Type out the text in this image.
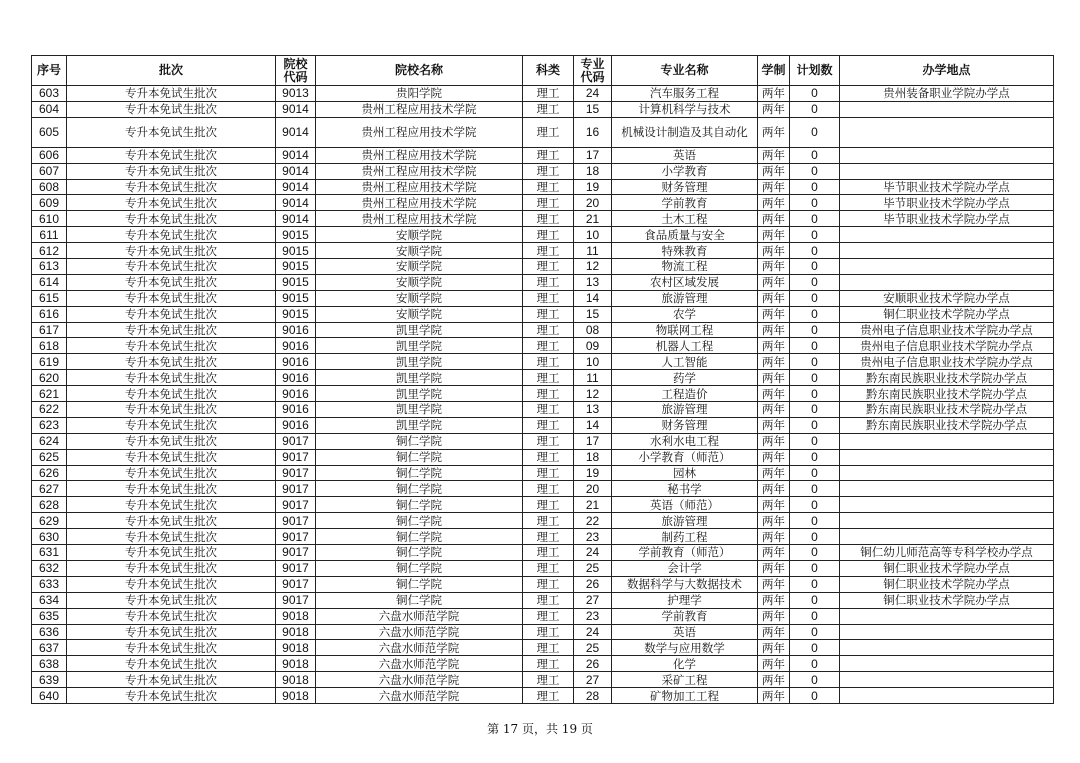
序号	批次	院校代码	院校名称	科类	专业代码	专业名称	学制	计划数	办学地点
603	专升本免试生批次	9013	贵阳学院	理工	24	汽车服务工程	两年	0	贵州装备职业学院办学点
604	专升本免试生批次	9014	贵州工程应用技术学院	理工	15	计算机科学与技术	两年	0	
605	专升本免试生批次	9014	贵州工程应用技术学院	理工	16	机械设计制造及其自动化	两年	0	
606	专升本免试生批次	9014	贵州工程应用技术学院	理工	17	英语	两年	0	
607	专升本免试生批次	9014	贵州工程应用技术学院	理工	18	小学教育	两年	0	
608	专升本免试生批次	9014	贵州工程应用技术学院	理工	19	财务管理	两年	0	毕节职业技术学院办学点
609	专升本免试生批次	9014	贵州工程应用技术学院	理工	20	学前教育	两年	0	毕节职业技术学院办学点
610	专升本免试生批次	9014	贵州工程应用技术学院	理工	21	土木工程	两年	0	毕节职业技术学院办学点
611	专升本免试生批次	9015	安顺学院	理工	10	食品质量与安全	两年	0	
612	专升本免试生批次	9015	安顺学院	理工	11	特殊教育	两年	0	
613	专升本免试生批次	9015	安顺学院	理工	12	物流工程	两年	0	
614	专升本免试生批次	9015	安顺学院	理工	13	农村区域发展	两年	0	
615	专升本免试生批次	9015	安顺学院	理工	14	旅游管理	两年	0	安顺职业技术学院办学点
616	专升本免试生批次	9015	安顺学院	理工	15	农学	两年	0	铜仁职业技术学院办学点
617	专升本免试生批次	9016	凯里学院	理工	08	物联网工程	两年	0	贵州电子信息职业技术学院办学点
618	专升本免试生批次	9016	凯里学院	理工	09	机器人工程	两年	0	贵州电子信息职业技术学院办学点
619	专升本免试生批次	9016	凯里学院	理工	10	人工智能	两年	0	贵州电子信息职业技术学院办学点
620	专升本免试生批次	9016	凯里学院	理工	11	药学	两年	0	黔东南民族职业技术学院办学点
621	专升本免试生批次	9016	凯里学院	理工	12	工程造价	两年	0	黔东南民族职业技术学院办学点
622	专升本免试生批次	9016	凯里学院	理工	13	旅游管理	两年	0	黔东南民族职业技术学院办学点
623	专升本免试生批次	9016	凯里学院	理工	14	财务管理	两年	0	黔东南民族职业技术学院办学点
624	专升本免试生批次	9017	铜仁学院	理工	17	水利水电工程	两年	0	
625	专升本免试生批次	9017	铜仁学院	理工	18	小学教育（师范）	两年	0	
626	专升本免试生批次	9017	铜仁学院	理工	19	园林	两年	0	
627	专升本免试生批次	9017	铜仁学院	理工	20	秘书学	两年	0	
628	专升本免试生批次	9017	铜仁学院	理工	21	英语（师范）	两年	0	
629	专升本免试生批次	9017	铜仁学院	理工	22	旅游管理	两年	0	
630	专升本免试生批次	9017	铜仁学院	理工	23	制药工程	两年	0	
631	专升本免试生批次	9017	铜仁学院	理工	24	学前教育（师范）	两年	0	铜仁幼儿师范高等专科学校办学点
632	专升本免试生批次	9017	铜仁学院	理工	25	会计学	两年	0	铜仁职业技术学院办学点
633	专升本免试生批次	9017	铜仁学院	理工	26	数据科学与大数据技术	两年	0	铜仁职业技术学院办学点
634	专升本免试生批次	9017	铜仁学院	理工	27	护理学	两年	0	铜仁职业技术学院办学点
635	专升本免试生批次	9018	六盘水师范学院	理工	23	学前教育	两年	0	
636	专升本免试生批次	9018	六盘水师范学院	理工	24	英语	两年	0	
637	专升本免试生批次	9018	六盘水师范学院	理工	25	数学与应用数学	两年	0	
638	专升本免试生批次	9018	六盘水师范学院	理工	26	化学	两年	0	
639	专升本免试生批次	9018	六盘水师范学院	理工	27	采矿工程	两年	0	
640	专升本免试生批次	9018	六盘水师范学院	理工	28	矿物加工工程	两年	0	
第 17 页，共 19 页
